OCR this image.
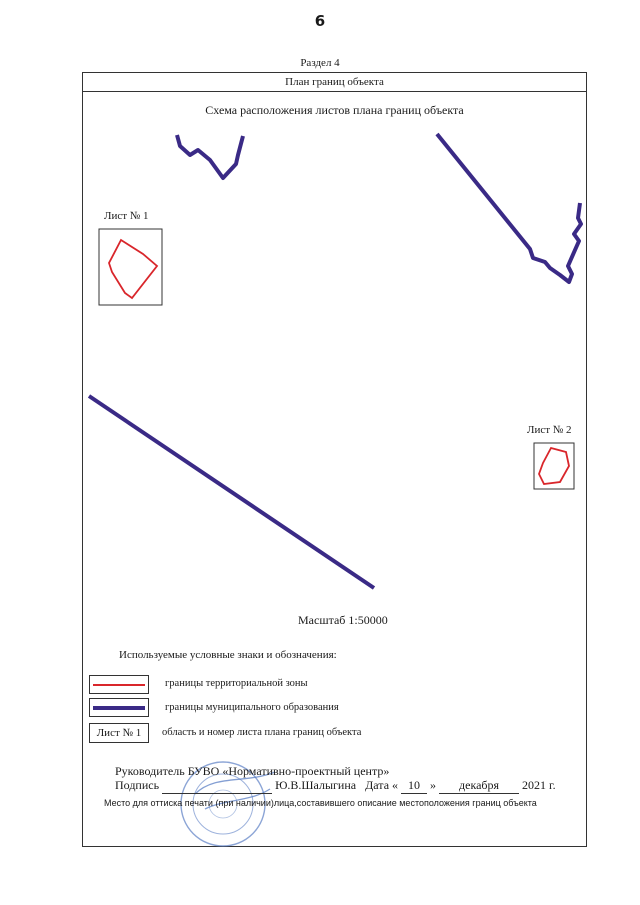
6
Раздел 4
План границ объекта
Схема расположения листов плана границ объекта
Лист № 1
Лист № 2
Масштаб 1:50000
Используемые условные знаки и обозначения:
Лист № 1
границы территориальной зоны
границы муниципального образования
область и номер листа плана границ объекта
Руководитель БУВО «Нормативно-проектный центр»
Подпись	Ю.В.Шалыгина Дата « 10 » декабря 2021 г.
Место для оттиска печати (при наличии)лица,составившего описание местоположения границ объекта
